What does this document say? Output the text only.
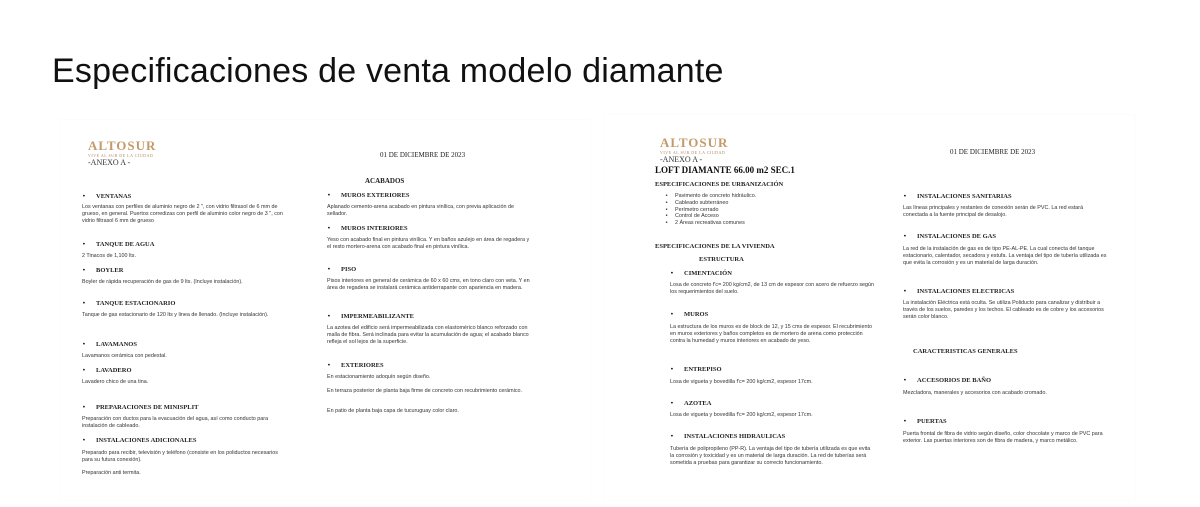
Especificaciones de venta modelo diamante
ALTOSUR
VIVE AL SUR DE LA CIUDAD
-ANEXO A -
01 DE DICIEMBRE DE 2023
• VENTANAS
Los ventanas con perfiles de aluminio negro de 2 ", con vidrio filtrasol de 6 mm de grueso, en general. Puertos corredizas con perfil de aluminio color negro de 3 ", con vidrio filtrasol 6 mm de grueso
• TANQUE DE AGUA
2 Tinacos de 1,100 lts.
• BOYLER
Boyler de rápida recuperación de gas de 9 lts. (Incluye instalación).
• TANQUE ESTACIONARIO
Tanque de gas estacionario de 120 lts y linea de llenado. (Incluye instalación).
• LAVAMANOS
Lavamanos cerámica con pedestal.
• LAVADERO
Lavadero chico de una tina.
• PREPARACIONES DE MINISPLIT
Preparación con ductos para la evacuación del agua, así como conducto para instalación de cableado.
• INSTALACIONES ADICIONALES
Preparado para recibir, televisión y teléfono (consiste en los poliductos necesarios para su futura conexión).
Preparación anti termita.
ACABADOS
• MUROS EXTERIORES
Aplanado cemento-arena acabado en pintura vinílica, con previa aplicación de sellador.
• MUROS INTERIORES
Yeso con acabado final en pintura vinílica. Y en baños azulejo en área de regadera y el resto mortero-arena con acabado final en pintura vinílica.
• PISO
Pisos interiores en general de cerámica de 60 x 60 cms, en tono claro con veta. Y en área de regadera se instalará cerámica antiderrapante con apariencia en madera.
• IMPERMEABILIZANTE
La azotea del edificio será impermeabilizada con elastomérico blanco reforzado con malla de fibra. Será inclinada para evitar la acumulación de agua; el acabado blanco refleja el sol lejos de la superficie.
• EXTERIORES
En estacionamiento adoquín según diseño.
En terraza posterior de planta baja firme de concreto con recubrimiento cerámico.
En patio de planta baja capa de tucuruguay color claro.
ALTOSUR
VIVE AL SUR DE LA CIUDAD
-ANEXO A -
LOFT DIAMANTE 66.00 m2 SEC.1
01 DE DICIEMBRE DE 2023
ESPECIFICACIONES DE URBANIZACIÓN
• Pavimento de concreto hidráulico.
• Cableado subterráneo
• Perímetro cerrado
• Control de Acceso
• 2 Áreas recreativas comunes
ESPECIFICACIONES DE LA VIVIENDA
ESTRUCTURA
• CIMENTACIÓN
Losa de concreto f'c= 200 kg/cm2, de 13 cm de espesor con acero de refuerzo según los requerimientos del suelo.
• MUROS
La estructura de los muros es de block de 12, y 15 cms de espesor. El recubrimiento en muros exteriores y baños completos es de mortero de arena como protección contra la humedad y muros interiores en acabado de yeso.
• ENTREPISO
Losa de vigueta y bovedilla f'c= 200 kg/cm2, espesor 17cm.
• AZOTEA
Losa de vigueta y bovedilla f'c= 200 kg/cm2, espesor 17cm.
• INSTALACIONES HIDRAULICAS
Tubería de polipropileno (PP-R). La ventaja del tipo de tubería utilizada es que evita la corrosión y toxicidad y es un material de larga duración. La red de tuberías será sometida a pruebas para garantizar su correcto funcionamiento.
• INSTALACIONES SANITARIAS
Las líneas principales y restantes de conexión serán de PVC. La red estará conectada a la fuente principal de desalojo.
• INSTALACIONES DE GAS
La red de la instalación de gas es de tipo PE-AL-PE. La cual conecta del tanque estacionario, calentador, secadora y estufa. La ventaja del tipo de tubería utilizada es que evita la corrosión y es un material de larga duración.
• INSTALACIONES ELECTRICAS
La instalación Eléctrica está oculta. Se utiliza Poliducto para canalizar y distribuir a través de los suelos, paredes y los techos. El cableado es de cobre y los accesorios serán color blanco.
CARACTERISTICAS GENERALES
• ACCESORIOS DE BAÑO
Mezcladora, manerales y accesorios con acabado cromado.
• PUERTAS
Puerta frontal de fibra de vidrio según diseño, color chocolate y marco de PVC para exterior. Las puertas interiores son de fibra de madera, y marco metálico.
